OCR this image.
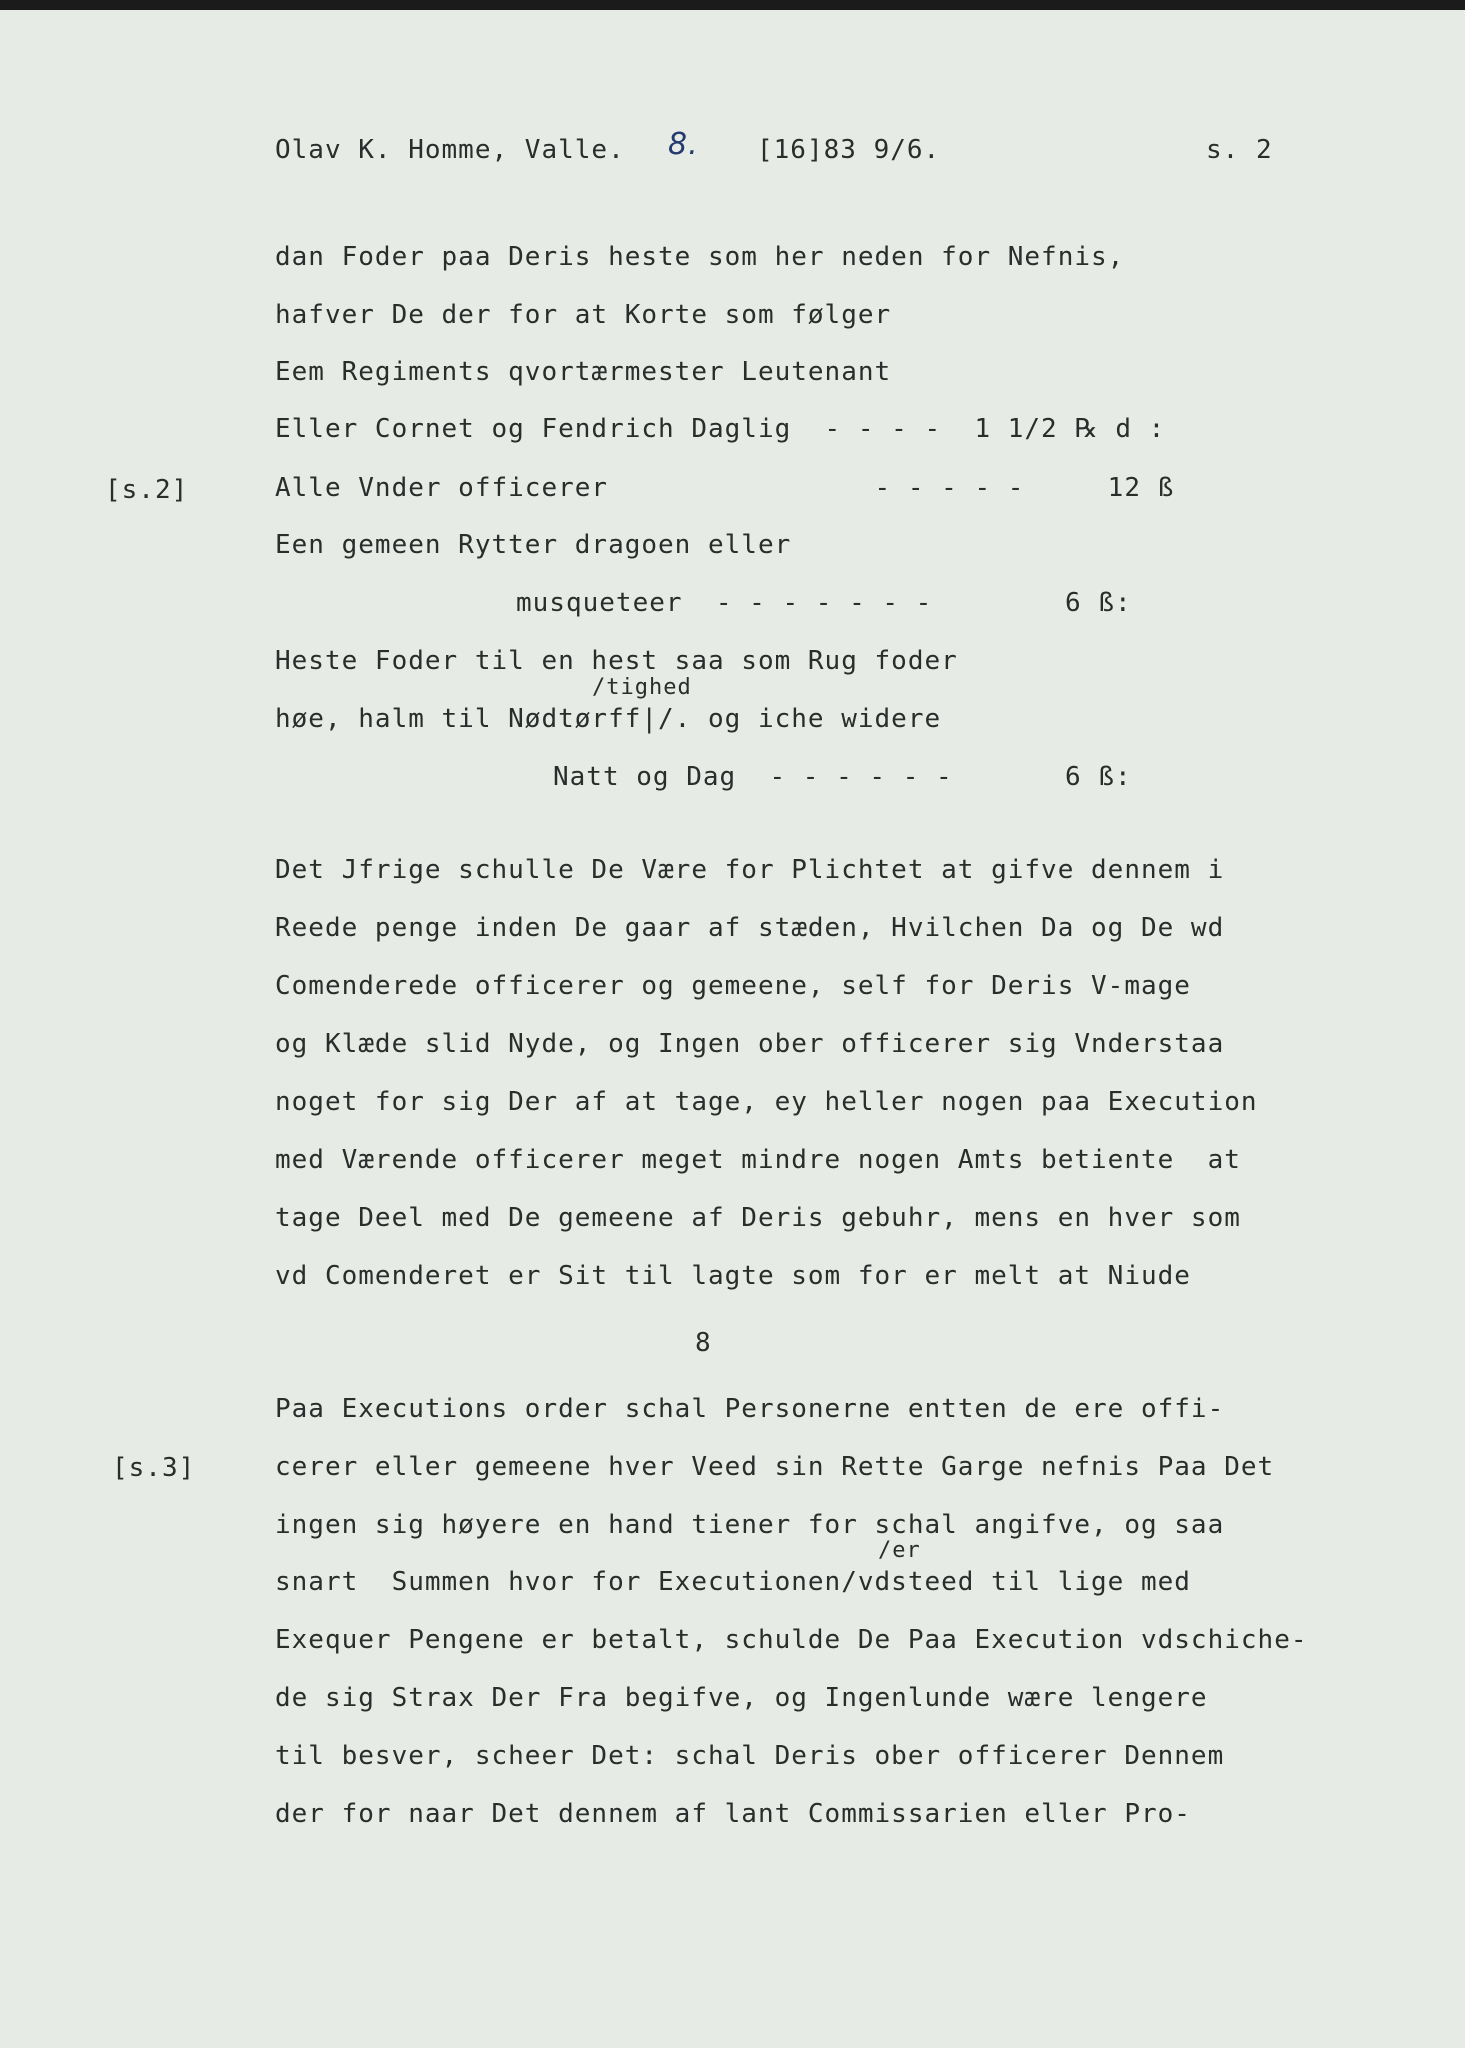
Olav K. Homme, Valle. 8. [16]83 9/6.	s. 2
[s.2]
[s.3]
dan Foder paa Deris heste som her neden for Nefnis,
hafver De der for at Korte som følger
Eem Regiments qvortærmester Leutenant
Eller Cornet og Fendrich Daglig  - - - -  1 1/2 ℞ d :
Alle Vnder officerer                - - - - -     12 ß
Een gemeen Rytter dragoen eller
musqueteer  - - - - - - -	6 ß:
Heste Foder til en hest saa som Rug foder
/tighed
høe, halm til Nødtørff|/. og iche widere
Natt og Dag  - - - - - -	6 ß:
Det Jfrige schulle De Være for Plichtet at gifve dennem i
Reede penge inden De gaar af stæden, Hvilchen Da og De wd
Comenderede officerer og gemeene, self for Deris V-mage
og Klæde slid Nyde, og Ingen ober officerer sig Vnderstaa
noget for sig Der af at tage, ey heller nogen paa Execution
med Værende officerer meget mindre nogen Amts betiente  at
tage Deel med De gemeene af Deris gebuhr, mens en hver som
vd Comenderet er Sit til lagte som for er melt at Niude
8
Paa Executions order schal Personerne entten de ere offi-
cerer eller gemeene hver Veed sin Rette Garge nefnis Paa Det
ingen sig høyere en hand tiener for schal angifve, og saa
/er
snart  Summen hvor for Executionen/vdsteed til lige med
Exequer Pengene er betalt, schulde De Paa Execution vdschiche-
de sig Strax Der Fra begifve, og Ingenlunde wære lengere
til besver, scheer Det: schal Deris ober officerer Dennem
der for naar Det dennem af lant Commissarien eller Pro-
